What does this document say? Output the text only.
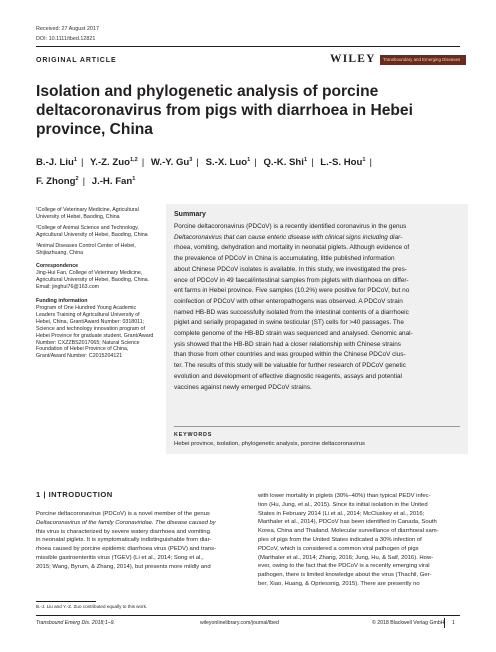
Received: 27 August 2017
DOI: 10.1111/tbed.12821
ORIGINAL ARTICLE	WILEY	Transboundary and Emerging Diseases
Isolation and phylogenetic analysis of porcine deltacoronavirus from pigs with diarrhoea in Hebei province, China
B.-J. Liu$^1$ | Y.-Z. Zuo$^{1,2}$ | W.-Y. Gu$^3$ | S.-X. Luo$^1$ | Q.-K. Shi$^1$ | L.-S. Hou$^1$ |
F. Zhong$^2$ | J.-H. Fan$^1$

¹College of Veterinary Medicine, Agricultural University of Hebei, Baoding, China

²College of Animal Science and Technology, Agricultural University of Hebei, Baoding, China

³Animal Diseases Control Center of Hebei, Shijiazhuang, China

Correspondence

Jing-Hui Fan, College of Veterinary Medicine, Agricultural University of Hebei, Baoding, China. Email: jinghui76@163.com

Funding information

Program of One Hundred Young Academic Leaders Training of Agricultural University of Hebei, China, Grant/Award Number: 0318011; Science and technology innovation program of Hebei Province for graduate student, Grant/Award Number: CXZZBS2017065; Natural Science Foundation of Hebei Province of China, Grant/Award Number: C2015204121

Summary
Porcine deltacoronavirus (PDCoV) is a recently identified coronavirus in the genus
Deltacoronavirus that can cause enteric disease with clinical signs including diar-
rhoea, vomiting, dehydration and mortality in neonatal piglets. Although evidence of
the prevalence of PDCoV in China is accumulating, little published information
about Chinese PDCoV isolates is available. In this study, we investigated the pres-
ence of PDCoV in 49 faecal/intestinal samples from piglets with diarrhoea on differ-
ent farms in Hebei province. Five samples (10.2%) were positive for PDCoV, but no
coinfection of PDCoV with other enteropathogens was observed. A PDCoV strain
named HB-BD was successfully isolated from the intestinal contents of a diarrhoeic
piglet and serially propagated in swine testicular (ST) cells for >40 passages. The
complete genome of the HB-BD strain was sequenced and analysed. Genomic anal-
ysis showed that the HB-BD strain had a closer relationship with Chinese strains
than those from other countries and was grouped within the Chinese PDCoV clus-
ter. The results of this study will be valuable for further research of PDCoV genetic
evolution and development of effective diagnostic reagents, assays and potential
vaccines against newly emerged PDCoV strains.
KEYWORDS
Hebei province, isolation, phylogenetic analysis, porcine deltacoronavirus
1 | INTRODUCTION
Porcine deltacoronavirus (PDCoV) is a novel member of the genus
Deltacoronavirus of the family Coronaviridae. The disease caused by
this virus is characterized by severe watery diarrhoea and vomiting
in neonatal piglets. It is symptomatically indistinguishable from diar-
rhoea caused by porcine epidemic diarrhoea virus (PEDV) and trans-
missible gastroenteritis virus (TGEV) (Li et al., 2014; Song et al.,
2015; Wang, Byrum, & Zhang, 2014), but presents more mildly and
with lower mortality in piglets (30%–40%) than typical PEDV infec-
tion (Hu, Jung, et al., 2015). Since its initial isolation in the United
States in February 2014 (Li et al., 2014; McCluskey et al., 2016;
Marthaler et al., 2014), PDCoV has been identified in Canada, South
Korea, China and Thailand. Molecular surveillance of diarrhoeal sam-
ples of pigs from the United States indicated a 30% infection of
PDCoV, which is considered a common viral pathogen of pigs
(Marthaler et al., 2014; Zhang, 2016; Jung, Hu, & Saif, 2016). How-
ever, owing to the fact that the PDCoV is a recently emerging viral
pathogen, there is limited knowledge about the virus (Thachil, Ger-
ber, Xiao, Huang, & Opriessnig, 2015). There are presently no
B.-J. Liu and Y.-Z. Zuo contributed equally to this work.
Transbound Emerg Dis. 2018;1–9.	wileyonlinelibrary.com/journal/tbed	© 2018 Blackwell Verlag GmbH 1
